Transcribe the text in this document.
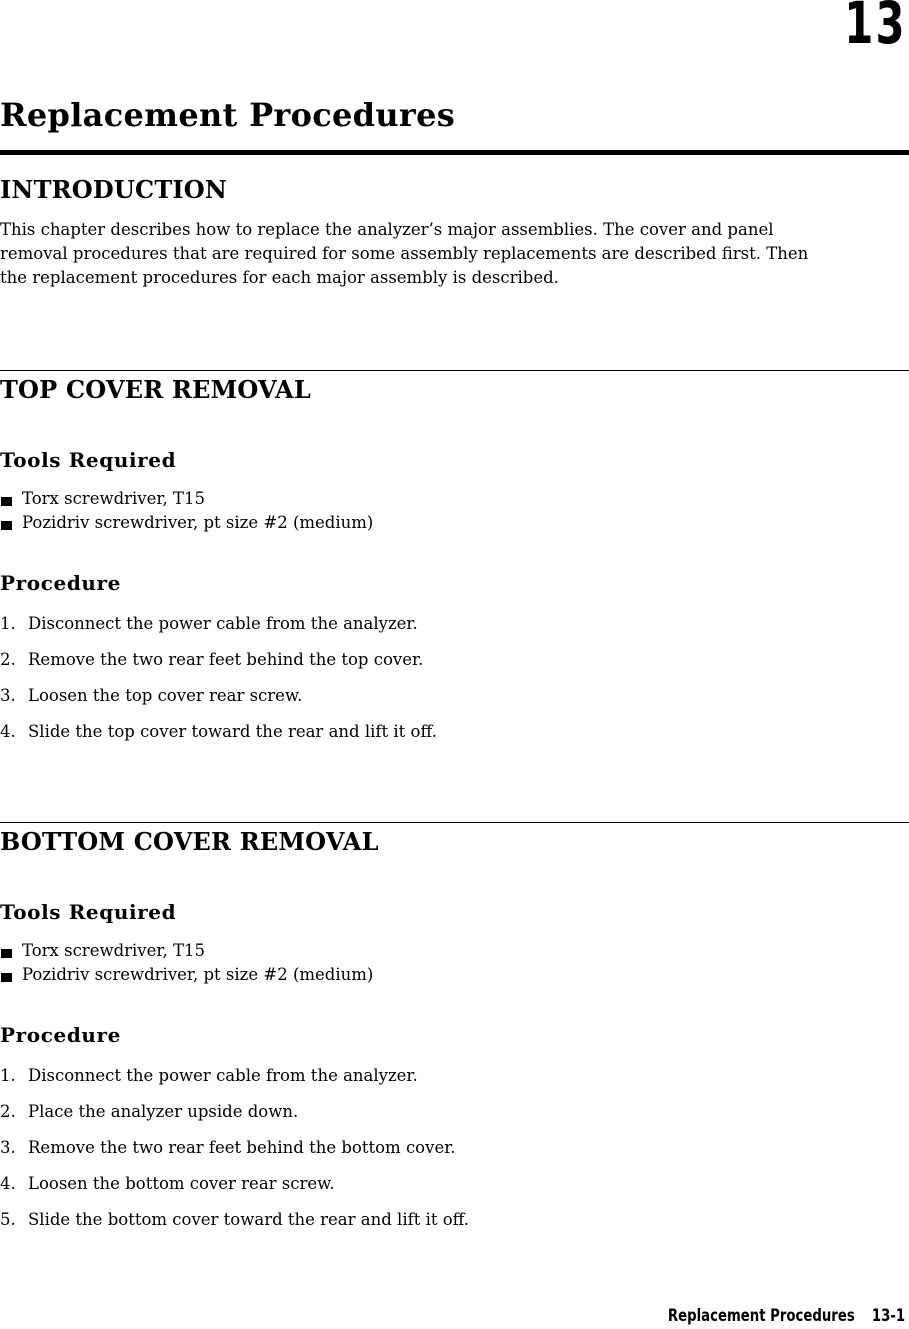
13
Replacement Procedures
INTRODUCTION

This chapter describes how to replace the analyzer’s major assemblies. The cover and panel
removal procedures that are required for some assembly replacements are described first. Then
the replacement procedures for each major assembly is described.

TOP COVER REMOVAL
Tools Required
Torx screwdriver, T15
Pozidriv screwdriver, pt size #2 (medium)
Procedure
1. Disconnect the power cable from the analyzer.
2. Remove the two rear feet behind the top cover.
3. Loosen the top cover rear screw.
4. Slide the top cover toward the rear and lift it off.
BOTTOM COVER REMOVAL
Tools Required
Torx screwdriver, T15
Pozidriv screwdriver, pt size #2 (medium)
Procedure
1. Disconnect the power cable from the analyzer.
2. Place the analyzer upside down.
3. Remove the two rear feet behind the bottom cover.
4. Loosen the bottom cover rear screw.
5. Slide the bottom cover toward the rear and lift it off.
Replacement Procedures 13-1
